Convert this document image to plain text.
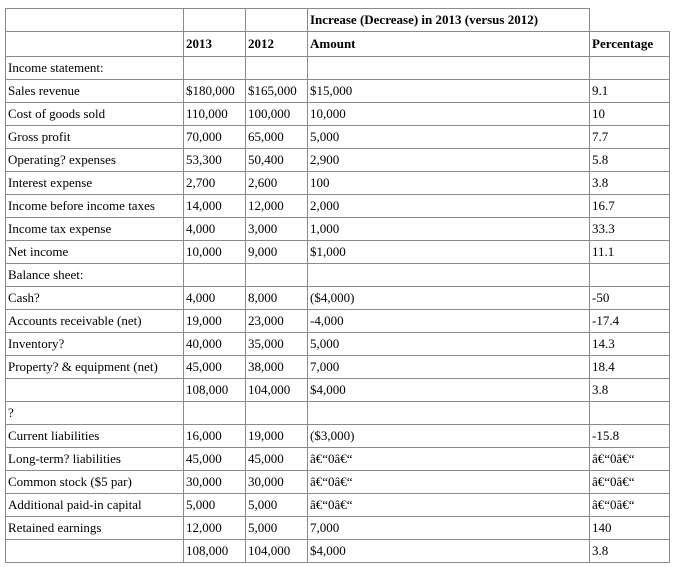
			Increase (Decrease) in 2013 (versus 2012)	
	2013	2012	Amount	Percentage
Income statement:				
Sales revenue	$180,000	$165,000	$15,000	9.1
Cost of goods sold	110,000	100,000	10,000	10
Gross profit	70,000	65,000	5,000	7.7
Operating? expenses	53,300	50,400	2,900	5.8
Interest expense	2,700	2,600	100	3.8
Income before income taxes	14,000	12,000	2,000	16.7
Income tax expense	4,000	3,000	1,000	33.3
Net income	10,000	9,000	$1,000	11.1
Balance sheet:				
Cash?	4,000	8,000	($4,000)	-50
Accounts receivable (net)	19,000	23,000	-4,000	-17.4
Inventory?	40,000	35,000	5,000	14.3
Property? & equipment (net)	45,000	38,000	7,000	18.4
	108,000	104,000	$4,000	3.8
?				
Current liabilities	16,000	19,000	($3,000)	-15.8
Long-term? liabilities	45,000	45,000	â€“0â€“	â€“0â€“
Common stock ($5 par)	30,000	30,000	â€“0â€“	â€“0â€“
Additional paid-in capital	5,000	5,000	â€“0â€“	â€“0â€“
Retained earnings	12,000	5,000	7,000	140
	108,000	104,000	$4,000	3.8
